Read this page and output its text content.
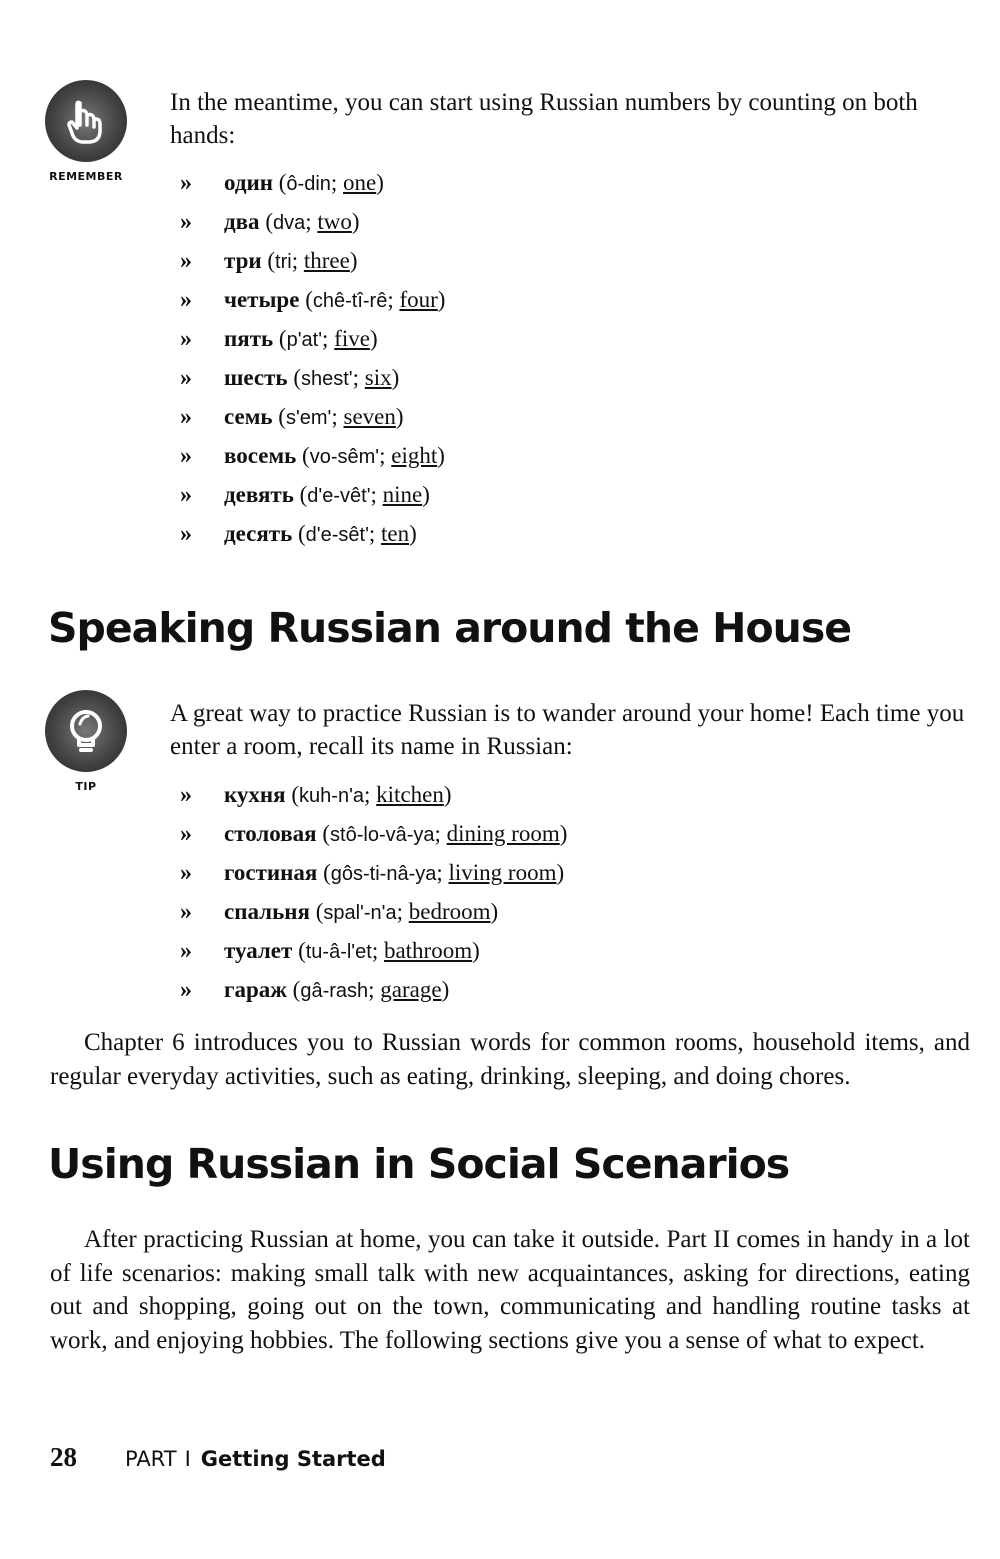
REMEMBER

In the meantime, you can start using Russian numbers by counting on both hands:

» один (ô-din; one)
» два (dva; two)
» три (tri; three)
» четыре (chê-tî-rê; four)
» пять (p'at'; five)
» шесть (shest'; six)
» семь (s'em'; seven)
» восемь (vo-sêm'; eight)
» девять (d'e-vêt'; nine)
» десять (d'e-sêt'; ten)
Speaking Russian around the House
TIP

A great way to practice Russian is to wander around your home! Each time you enter a room, recall its name in Russian:

» кухня (kuh-n'a; kitchen)
» столовая (stô-lo-vâ-ya; dining room)
» гостиная (gôs-ti-nâ-ya; living room)
» спальня (spal'-n'a; bedroom)
» туалет (tu-â-l'et; bathroom)
» гараж (gâ-rash; garage)

Chapter 6 introduces you to Russian words for common rooms, household items, and regular everyday activities, such as eating, drinking, sleeping, and doing chores.

Using Russian in Social Scenarios

After practicing Russian at home, you can take it outside. Part II comes in handy in a lot of life scenarios: making small talk with new acquaintances, asking for directions, eating out and shopping, going out on the town, communicating and handling routine tasks at work, and enjoying hobbies. The following sections give you a sense of what to expect.

28 PART I Getting Started
